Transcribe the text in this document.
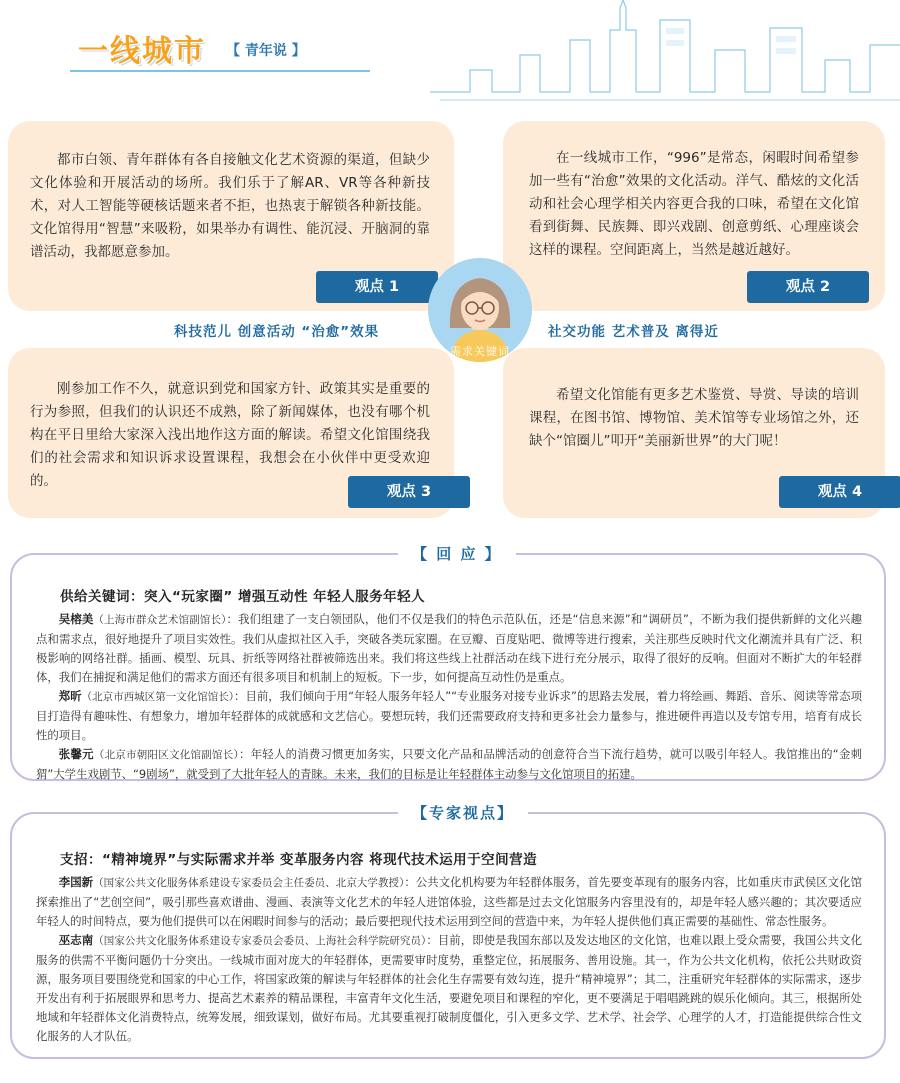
一线城市 【 青年说 】
都市白领、青年群体有各自接触文化艺术资源的渠道，但缺少文化体验和开展活动的场所。我们乐于了解AR、VR等各种新技术，对人工智能等硬核话题来者不拒，也热衷于解锁各种新技能。文化馆得用“智慧”来吸粉，如果举办有调性、能沉浸、开脑洞的靠谱活动，我都愿意参加。
观点 1
在一线城市工作，“996”是常态，闲暇时间希望参加一些有“治愈”效果的文化活动。洋气、酷炫的文化活动和社会心理学相关内容更合我的口味，希望在文化馆看到街舞、民族舞、即兴戏剧、创意剪纸、心理座谈会这样的课程。空间距离上，当然是越近越好。
观点 2
科技范儿 创意活动 “治愈”效果	社交功能 艺术普及 离得近
刚参加工作不久，就意识到党和国家方针、政策其实是重要的行为参照，但我们的认识还不成熟，除了新闻媒体，也没有哪个机构在平日里给大家深入浅出地作这方面的解读。希望文化馆围绕我们的社会需求和知识诉求设置课程，我想会在小伙伴中更受欢迎的。
观点 3
希望文化馆能有更多艺术鉴赏、导赏、导读的培训课程，在图书馆、博物馆、美术馆等专业场馆之外，还缺个“馆圈儿”叩开“美丽新世界”的大门呢！
观点 4
需求关键词
【 回 应 】
供给关键词：突入“玩家圈” 增强互动性 年轻人服务年轻人

吴榕美（上海市群众艺术馆副馆长）：我们组建了一支白领団队，他们不仅是我们的特色示范队伍，还是“信息来源”和“调研员”，不断为我们提供新鲜的文化兴趣点和需求点，很好地提升了项目实效性。我们从虚拟社区入手，突破各类玩家圈。在豆瓣、百度贴吧、微博等进行搜索，关注那些反映时代文化潮流并具有广泛、积极影响的网络社群。插画、模型、玩具、折纸等网络社群被筛选出来。我们将这些线上社群活动在线下进行充分展示，取得了很好的反响。但面对不断扩大的年轻群体，我们在捕捉和满足他们的需求方面还有很多项目和机制上的短板。下一步，如何提高互动性仍是重点。

郑昕（北京市西城区第一文化馆馆长）：目前，我们倾向于用“年轻人服务年轻人”“专业服务对接专业诉求”的思路去发展，着力将绘画、舞蹈、音乐、阅读等常态项目打造得有趣味性、有想象力，增加年轻群体的成就感和文艺信心。要想玩转，我们还需要政府支持和更多社会力量参与，推进硬件再造以及专馆专用，培育有成长性的项目。

张馨元（北京市朝阳区文化馆副馆长）：年轻人的消费习惯更加务实，只要文化产品和品牌活动的创意符合当下流行趋势，就可以吸引年轻人。我馆推出的“金刺猬”大学生戏剧节、“9剧场”，就受到了大批年轻人的青睐。未来，我们的目标是让年轻群体主动参与文化馆项目的拓建。

【专家视点】
支招：“精神境界”与实际需求并举 变革服务内容 将现代技术运用于空间营造

李国新（国家公共文化服务体系建设专家委员会主任委员、北京大学教授）：公共文化机构要为年轻群体服务，首先要变革现有的服务内容，比如重庆市武侯区文化馆探索推出了“艺创空间”，吸引那些喜欢谱曲、漫画、表演等文化艺术的年轻人进馆体验，这些都是过去文化馆服务内容里没有的，却是年轻人感兴趣的；其次要适应年轻人的时间特点，要为他们提供可以在闲暇时间参与的活动；最后要把现代技术运用到空间的营造中来，为年轻人提供他们真正需要的基础性、常态性服务。

巫志南（国家公共文化服务体系建设专家委员会委员、上海社会科学院研究员）：目前，即使是我国东部以及发达地区的文化馆，也难以跟上受众需要，我国公共文化服务的供需不平衡问题仍十分突出。一线城市面对庞大的年轻群体，更需要审时度势，重整定位，拓展服务、善用设施。其一，作为公共文化机构，依托公共财政资源，服务项目要围绕党和国家的中心工作，将国家政策的解读与年轻群体的社会化生存需要有效勾连，提升“精神境界”；其二，注重研究年轻群体的实际需求，逐步开发出有利于拓展眼界和思考力、提高艺术素养的精品课程，丰富青年文化生活，要避免项目和课程的窄化，更不要满足于唱唱跳跳的娱乐化倾向。其三，根据所处地域和年轻群体文化消费特点，统筹发展，细致谋划，做好布局。尤其要重视打破制度僵化，引入更多文学、艺术学、社会学、心理学的人才，打造能提供综合性文化服务的人才队伍。
